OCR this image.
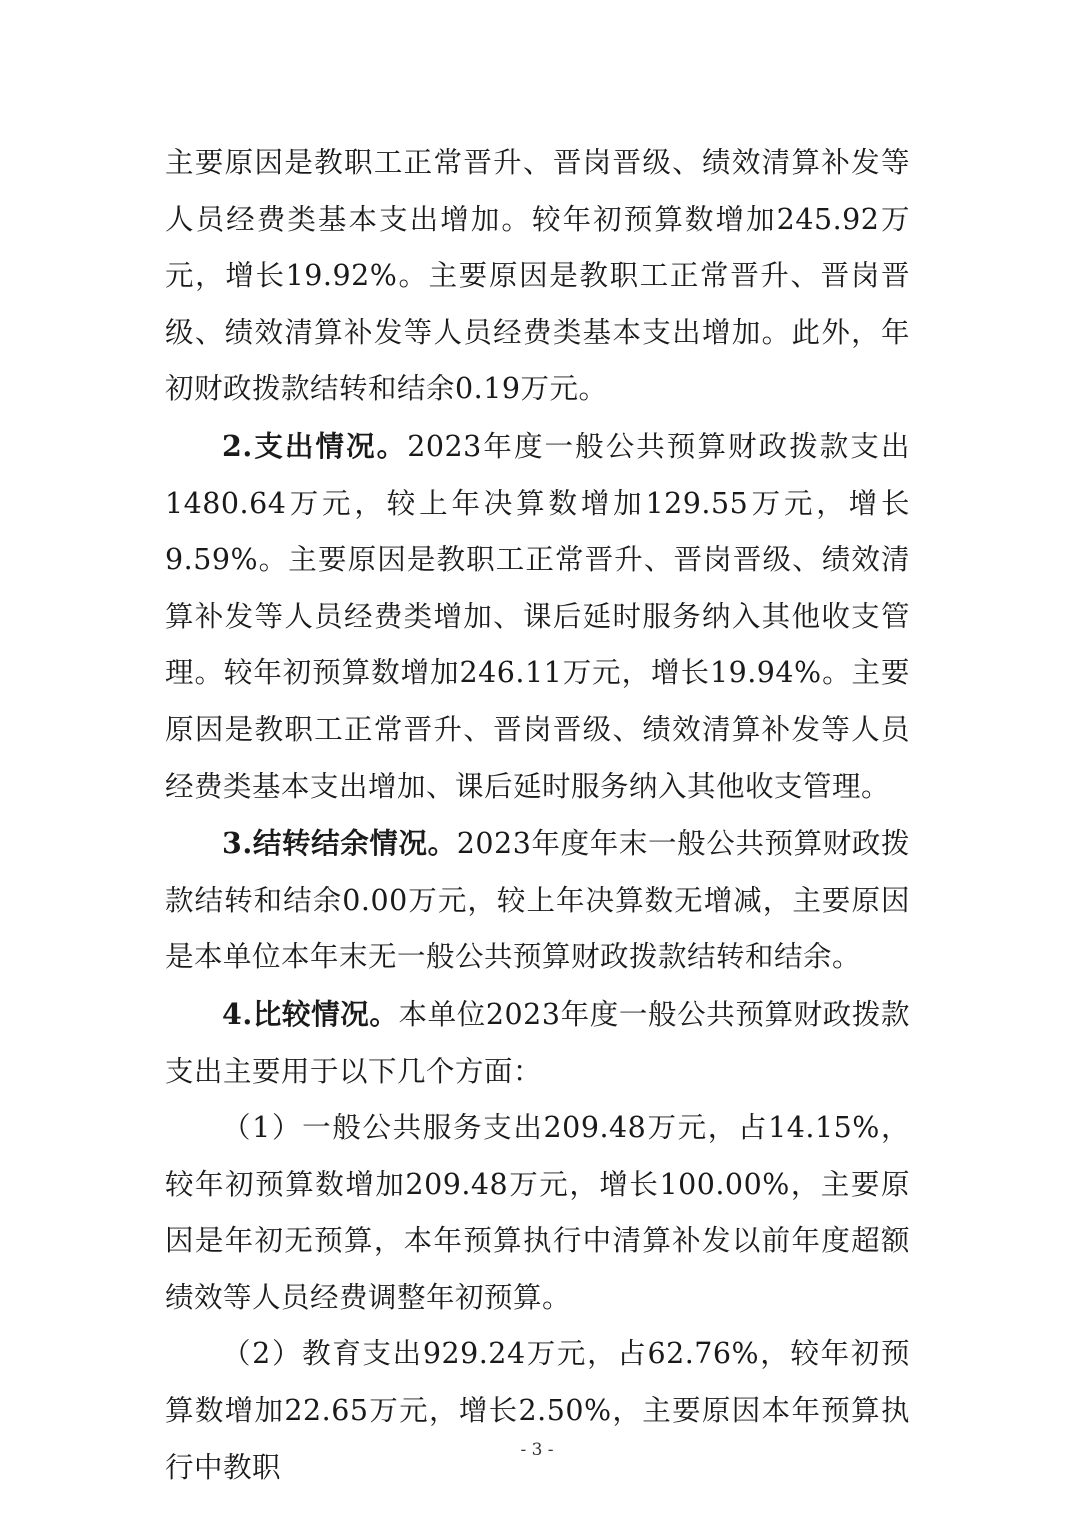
主要原因是教职工正常晋升、晋岗晋级、绩效清算补发等人员经费类基本支出增加。较年初预算数增加245.92万元，增长19.92%。主要原因是教职工正常晋升、晋岗晋级、绩效清算补发等人员经费类基本支出增加。此外，年初财政拨款结转和结余0.19万元。

2.支出情况。2023年度一般公共预算财政拨款支出1480.64万元，较上年决算数增加129.55万元，增长9.59%。主要原因是教职工正常晋升、晋岗晋级、绩效清算补发等人员经费类增加、课后延时服务纳入其他收支管理。较年初预算数增加246.11万元，增长19.94%。主要原因是教职工正常晋升、晋岗晋级、绩效清算补发等人员经费类基本支出增加、课后延时服务纳入其他收支管理。

3.结转结余情况。2023年度年末一般公共预算财政拨款结转和结余0.00万元，较上年决算数无增减，主要原因是本单位本年末无一般公共预算财政拨款结转和结余。

4.比较情况。本单位2023年度一般公共预算财政拨款支出主要用于以下几个方面：

（1）一般公共服务支出209.48万元，占14.15%，较年初预算数增加209.48万元，增长100.00%，主要原因是年初无预算，本年预算执行中清算补发以前年度超额绩效等人员经费调整年初预算。

（2）教育支出929.24万元，占62.76%，较年初预算数增加22.65万元，增长2.50%，主要原因本年预算执行中教职

- 3 -
